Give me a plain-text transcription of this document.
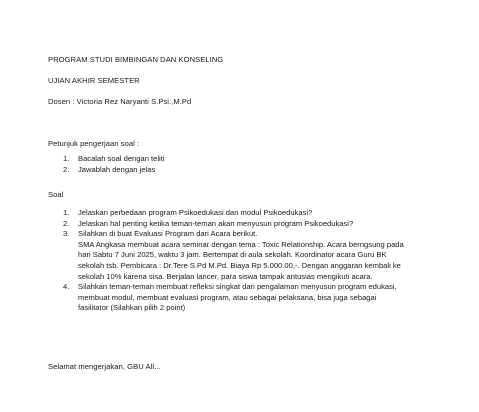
PROGRAM STUDI BIMBINGAN DAN KONSELING
UJIAN AKHIR SEMESTER
Dosen : Victoria Rez Naryanti S.Psi.,M.Pd
Petunjuk pengerjaan soal :
1. Bacalah soal dengan teliti
2. Jawablah dengan jelas
Soal
1. Jelaskan perbedaan program Psikoedukasi dan modul Psikoedukasi?
2. Jelaskan hal penting ketika teman-teman akan menyusun program Psikoedukasi?
3. Silahkan di buat Evaluasi Program dari Acara berikut.
SMA Angkasa membuat acara seminar dengan tema : Toxic Relationship. Acara berngsung pada
hari Sabtu 7 Juni 2025, waktu 3 jam. Bertempat di aula sekolah. Koordinator acara Guru BK
sekolah tsb. Pembicara : Dr.Tere S.Pd M.Pd. Biaya Rp 5.000.00,-. Dengan anggaran kembali ke
sekolah 10% karena sisa. Berjalan lancer, para siswa tampak antusias mengikuti acara.
4. Silahkan teman-teman membuat refleksi singkat dari pengalaman menyusun program edukasi,
membuat modul, membuat evaluasi program, atau sebagai pelaksana, bisa juga sebagai
fasilitator (Silahkan pilih 2 point)
Selamat mengerjakan, GBU All...
